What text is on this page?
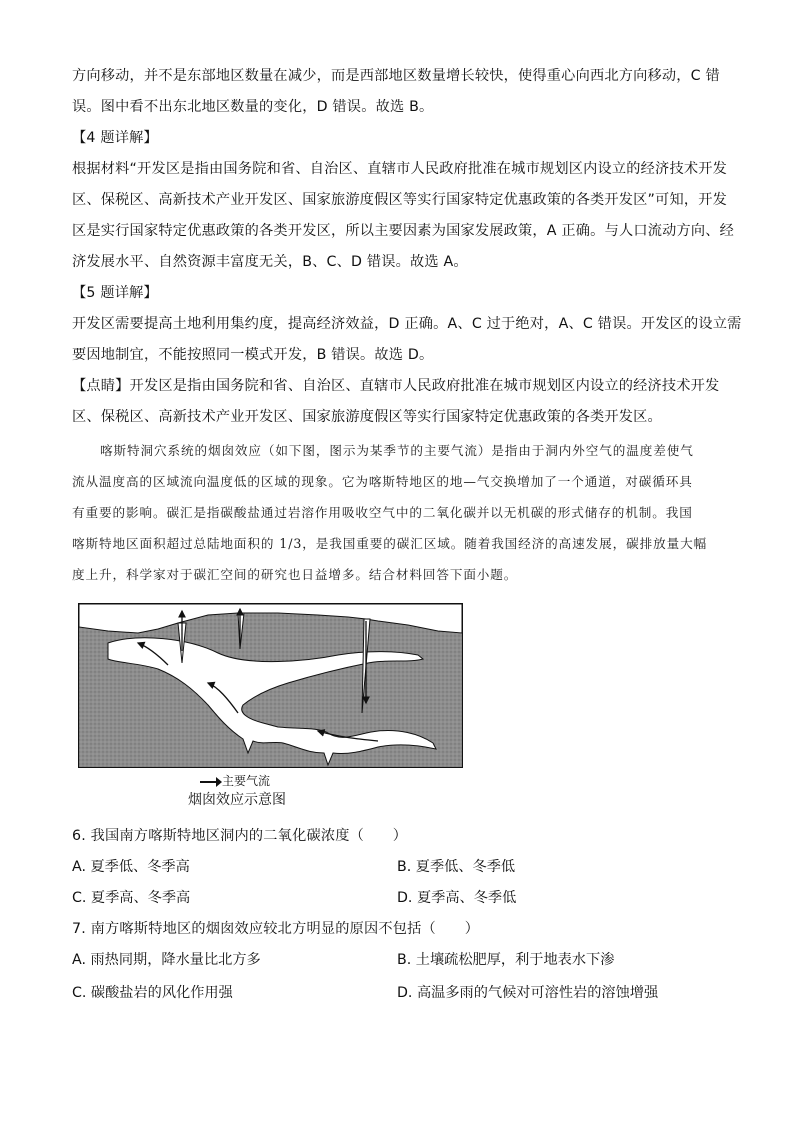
方向移动，并不是东部地区数量在减少，而是西部地区数量增长较快，使得重心向西北方向移动，C 错
误。图中看不出东北地区数量的变化，D 错误。故选 B。
【4 题详解】
根据材料“开发区是指由国务院和省、自治区、直辖市人民政府批准在城市规划区内设立的经济技术开发
区、保税区、高新技术产业开发区、国家旅游度假区等实行国家特定优惠政策的各类开发区”可知，开发
区是实行国家特定优惠政策的各类开发区，所以主要因素为国家发展政策，A 正确。与人口流动方向、经
济发展水平、自然资源丰富度无关，B、C、D 错误。故选 A。
【5 题详解】
开发区需要提高土地利用集约度，提高经济效益，D 正确。A、C 过于绝对，A、C 错误。开发区的设立需
要因地制宜，不能按照同一模式开发，B 错误。故选 D。
【点睛】开发区是指由国务院和省、自治区、直辖市人民政府批准在城市规划区内设立的经济技术开发
区、保税区、高新技术产业开发区、国家旅游度假区等实行国家特定优惠政策的各类开发区。
喀斯特洞穴系统的烟囱效应（如下图，图示为某季节的主要气流）是指由于洞内外空气的温度差使气
流从温度高的区域流向温度低的区域的现象。它为喀斯特地区的地—气交换增加了一个通道，对碳循环具
有重要的影响。碳汇是指碳酸盐通过岩溶作用吸收空气中的二氧化碳并以无机碳的形式储存的机制。我国
喀斯特地区面积超过总陆地面积的 1/3，是我国重要的碳汇区域。随着我国经济的高速发展，碳排放量大幅
度上升，科学家对于碳汇空间的研究也日益增多。结合材料回答下面小题。
主要气流
烟囱效应示意图
6. 我国南方喀斯特地区洞内的二氧化碳浓度（　　）
A. 夏季低、冬季高	B. 夏季低、冬季低
C. 夏季高、冬季高	D. 夏季高、冬季低
7. 南方喀斯特地区的烟囱效应较北方明显的原因不包括（　　）
A. 雨热同期，降水量比北方多	B. 土壤疏松肥厚，利于地表水下渗
C. 碳酸盐岩的风化作用强	D. 高温多雨的气候对可溶性岩的溶蚀增强
